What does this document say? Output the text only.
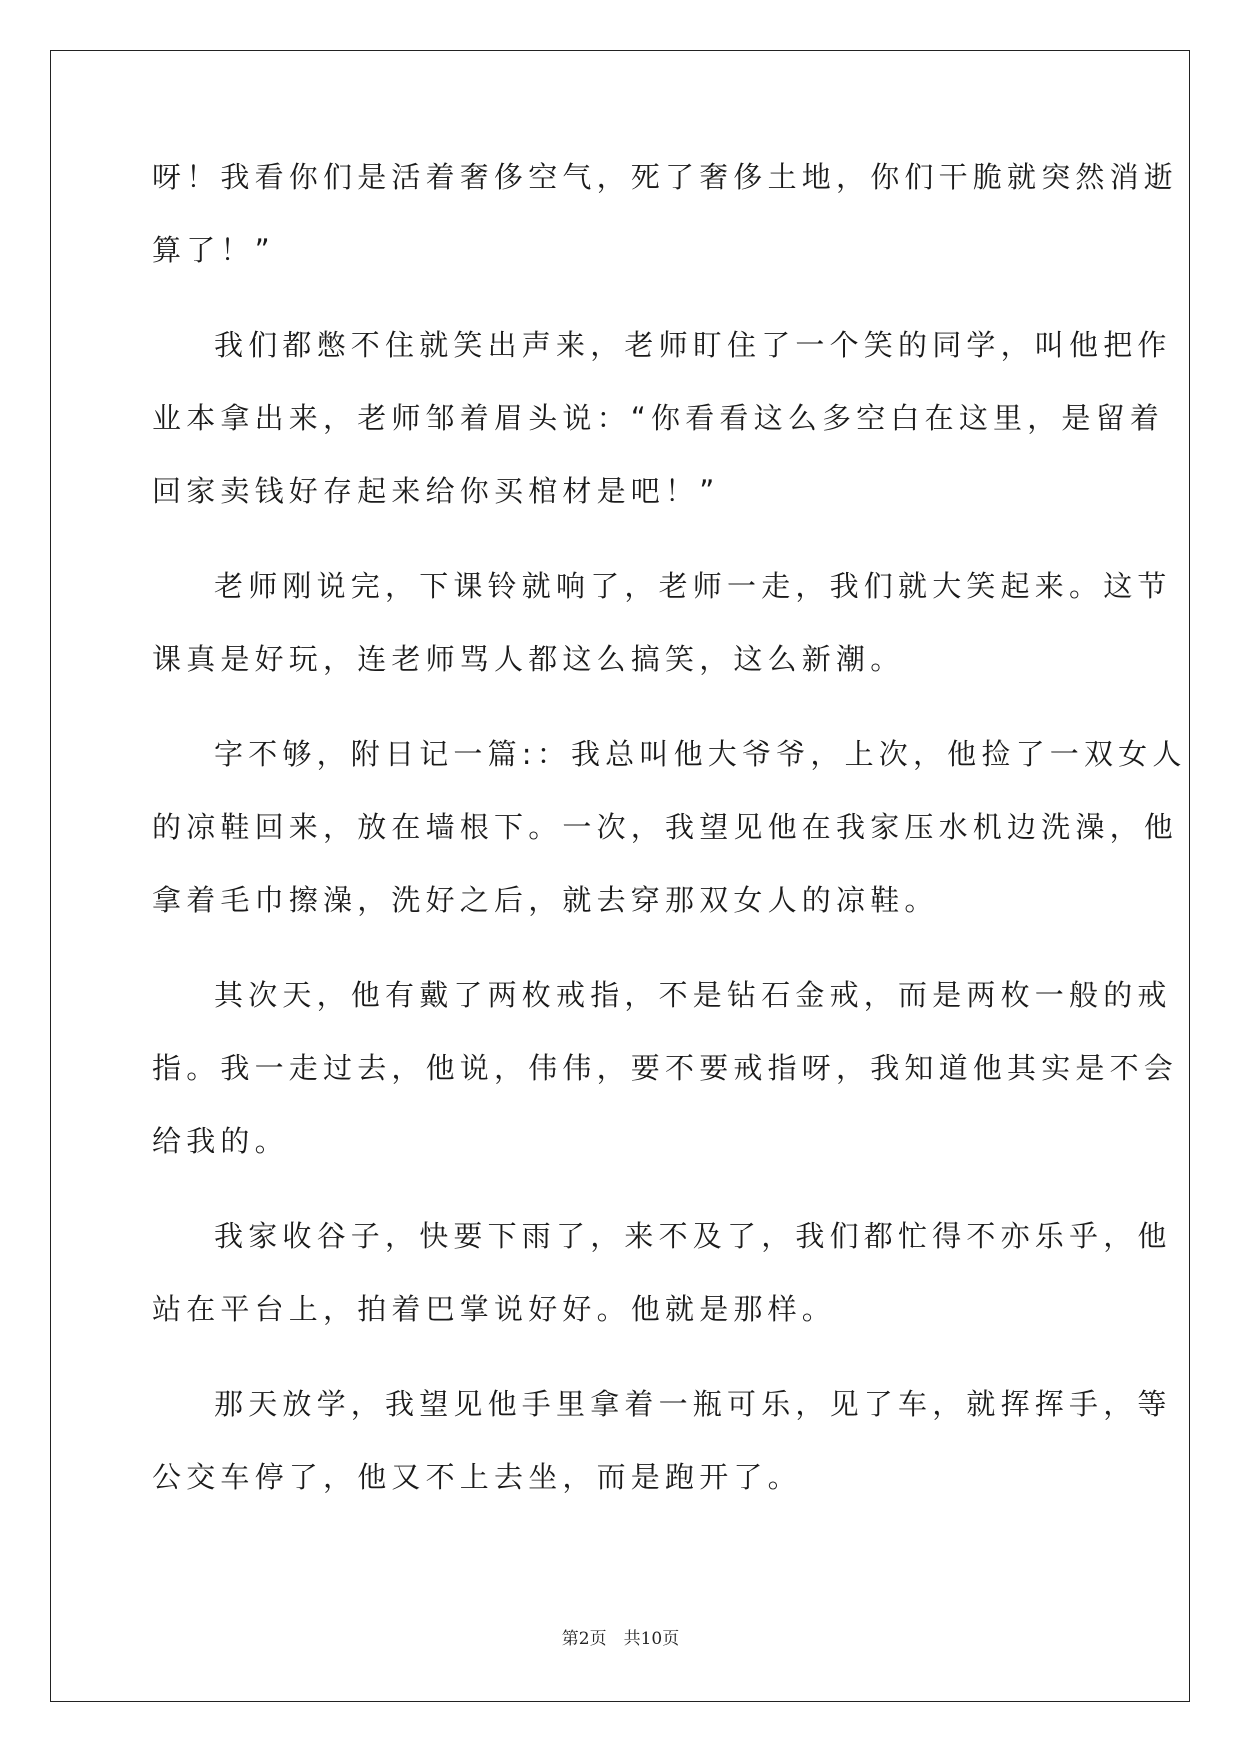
呀！我看你们是活着奢侈空气，死了奢侈土地，你们干脆就突然消逝
算了！”
我们都憋不住就笑出声来，老师盯住了一个笑的同学，叫他把作
业本拿出来，老师邹着眉头说：“你看看这么多空白在这里，是留着
回家卖钱好存起来给你买棺材是吧！”
老师刚说完，下课铃就响了，老师一走，我们就大笑起来。这节
课真是好玩，连老师骂人都这么搞笑，这么新潮。
字不够，附日记一篇:：我总叫他大爷爷，上次，他捡了一双女人
的凉鞋回来，放在墙根下。一次，我望见他在我家压水机边洗澡，他
拿着毛巾擦澡，洗好之后，就去穿那双女人的凉鞋。
其次天，他有戴了两枚戒指，不是钻石金戒，而是两枚一般的戒
指。我一走过去，他说，伟伟，要不要戒指呀，我知道他其实是不会
给我的。
我家收谷子，快要下雨了，来不及了，我们都忙得不亦乐乎，他
站在平台上，拍着巴掌说好好。他就是那样。
那天放学，我望见他手里拿着一瓶可乐，见了车，就挥挥手，等
公交车停了，他又不上去坐，而是跑开了。
第2页　共10页
